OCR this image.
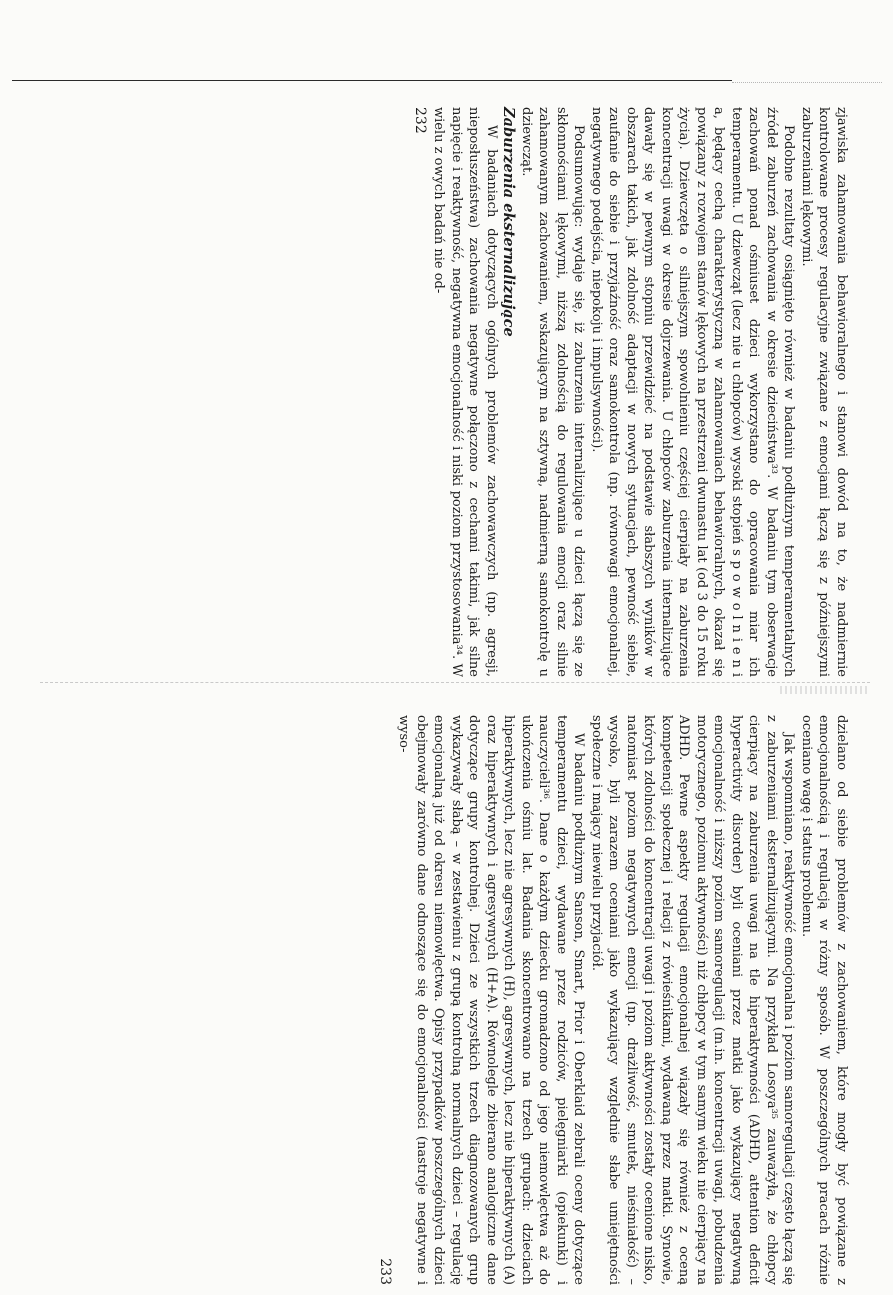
zjawiska zahamowania behawioralnego i stanowi dowód na to, że nadmiernie kontrolowane procesy regulacyjne związane z emocjami łączą się z późniejszymi zaburzeniami lękowymi.

Podobne rezultaty osiągnięto również w badaniu podłużnym temperamentalnych źródeł zaburzeń zachowania w okresie dzieciństwa³³. W badaniu tym obserwacje zachowań ponad ośmiuset dzieci wykorzystano do opracowania miar ich temperamentu. U dziewcząt (lecz nie u chłopców) wysoki stopień s p o w o l n i e n i a, będący cechą charakterystyczną w zahamowaniach behawioralnych, okazał się powiązany z rozwojem stanów lękowych na przestrzeni dwunastu lat (od 3 do 15 roku życia). Dziewczęta o silniejszym spowolnieniu częściej cierpiały na zaburzenia koncentracji uwagi w okresie dojrzewania. U chłopców zaburzenia internalizujące dawały się w pewnym stopniu przewidzieć na podstawie słabszych wyników w obszarach takich, jak zdolność adaptacji w nowych sytuacjach, pewność siebie, zaufanie do siebie i przyjaźność oraz samokontrola (np. równowagi emocjonalnej, negatywnego podejścia, niepokoju i impulsywności).

Podsumowując: wydaje się, iż zaburzenia internalizujące u dzieci łączą się ze skłonnościami lękowymi, niższą zdolnością do regulowania emocji oraz silnie zahamowanym zachowaniem, wskazującym na sztywną, nadmierną samokontrolę u dziewcząt.

Zaburzenia eksternalizujące

W badaniach dotyczących ogólnych problemów zachowawczych (np. agresji, nieposłuszeństwa) zachowania negatywne połączono z cechami takimi, jak silne napięcie i reaktywność, negatywna emocjonalność i niski poziom przystosowania³⁴. W wielu z owych badań nie od-

232

dzielano od siebie problemów z zachowaniem, które mogły być powiązane z emocjonalnością i regulacją w różny sposób. W poszczególnych pracach różnie oceniano wagę i status problemu.

Jak wspomniano, reaktywność emocjonalna i poziom samoregulacji często łączą się z zaburzeniami eksternalizującymi. Na przykład Losoya³⁵ zauważyła, że chłopcy cierpiący na zaburzenia uwagi na tle hiperaktywności (ADHD, attention deficit hyperactivity disorder) byli oceniani przez matki jako wykazujący negatywną emocjonalność i niższy poziom samoregulacji (m.in. koncentracji uwagi, pobudzenia motorycznego, poziomu aktywności) niż chłopcy w tym samym wieku nie cierpiący na ADHD. Pewne aspekty regulacji emocjonalnej wiązały się również z oceną kompetencji społecznej i relacji z rówieśnikami, wydawaną przez matki. Synowie, których zdolności do koncentracji uwagi i poziom aktywności zostały ocenione nisko, natomiast poziom negatywnych emocji (np. drażliwość, smutek, nieśmiałość) – wysoko, byli zarazem oceniani jako wykazujący względnie słabe umiejętności społeczne i mający niewielu przyjaciół.

W badaniu podłużnym Sanson, Smart, Prior i Oberklaid zebrali oceny dotyczące temperamentu dzieci, wydawane przez rodziców, pielęgniarki (opiekunki) i nauczycieli³⁶. Dane o każdym dziecku gromadzono od jego niemowlęctwa aż do ukończenia ośmiu lat. Badania skoncentrowano na trzech grupach: dzieciach hiperaktywnych, lecz nie agresywnych (H), agresywnych, lecz nie hiperaktywnych (A) oraz hiperaktywnych i agresywnych (H+A). Równolegle zbierano analogiczne dane dotyczące grupy kontrolnej. Dzieci ze wszystkich trzech diagnozowanych grup wykazywały słabą – w zestawieniu z grupą kontrolną normalnych dzieci – regulację emocjonalną już od okresu niemowlęctwa. Opisy przypadków poszczególnych dzieci obejmowały zarówno dane odnoszące się do emocjonalności (nastroje negatywne i wyso-

233
